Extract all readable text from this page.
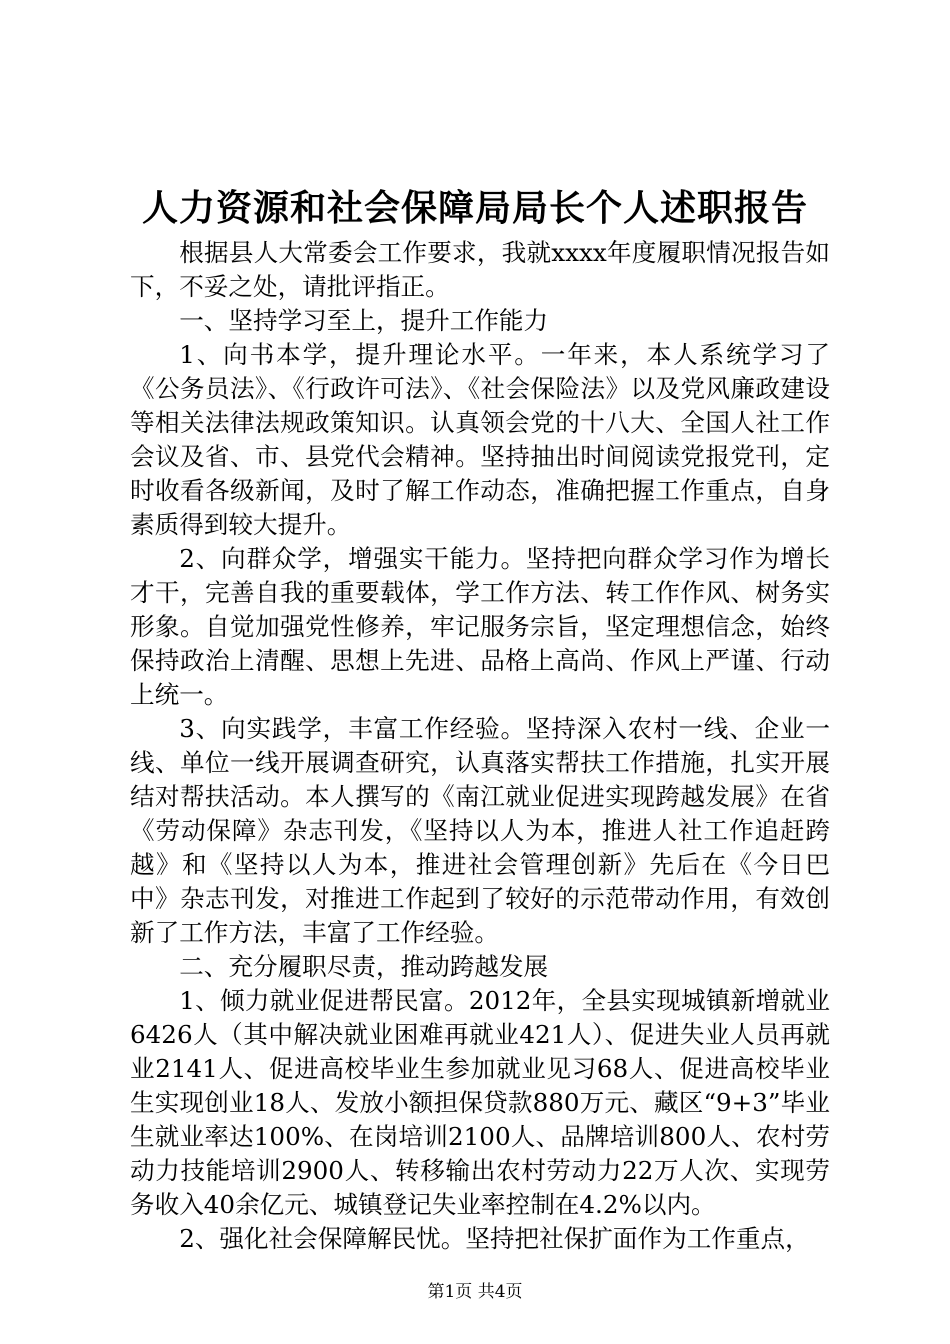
人力资源和社会保障局局长个人述职报告

根据县人大常委会工作要求，我就xxxx年度履职情况报告如下，不妥之处，请批评指正。

一、坚持学习至上，提升工作能力

1、向书本学，提升理论水平。一年来，本人系统学习了《公务员法》、《行政许可法》、《社会保险法》以及党风廉政建设等相关法律法规政策知识。认真领会党的十八大、全国人社工作会议及省、市、县党代会精神。坚持抽出时间阅读党报党刊，定时收看各级新闻，及时了解工作动态，准确把握工作重点，自身素质得到较大提升。

2、向群众学，增强实干能力。坚持把向群众学习作为增长才干，完善自我的重要载体，学工作方法、转工作作风、树务实形象。自觉加强党性修养，牢记服务宗旨，坚定理想信念，始终保持政治上清醒、思想上先进、品格上高尚、作风上严谨、行动上统一。

3、向实践学，丰富工作经验。坚持深入农村一线、企业一线、单位一线开展调查研究，认真落实帮扶工作措施，扎实开展结对帮扶活动。本人撰写的《南江就业促进实现跨越发展》在省《劳动保障》杂志刊发，《坚持以人为本，推进人社工作追赶跨越》和《坚持以人为本，推进社会管理创新》先后在《今日巴中》杂志刊发，对推进工作起到了较好的示范带动作用，有效创新了工作方法，丰富了工作经验。

二、充分履职尽责，推动跨越发展

1、倾力就业促进帮民富。2012年，全县实现城镇新增就业6426人（其中解决就业困难再就业421人）、促进失业人员再就业2141人、促进高校毕业生参加就业见习68人、促进高校毕业生实现创业18人、发放小额担保贷款880万元、藏区“9+3”毕业生就业率达100%、在岗培训2100人、品牌培训800人、农村劳动力技能培训2900人、转移输出农村劳动力22万人次、实现劳务收入40余亿元、城镇登记失业率控制在4.2%以内。

2、强化社会保障解民忧。坚持把社保扩面作为工作重点，

第1页 共4页
